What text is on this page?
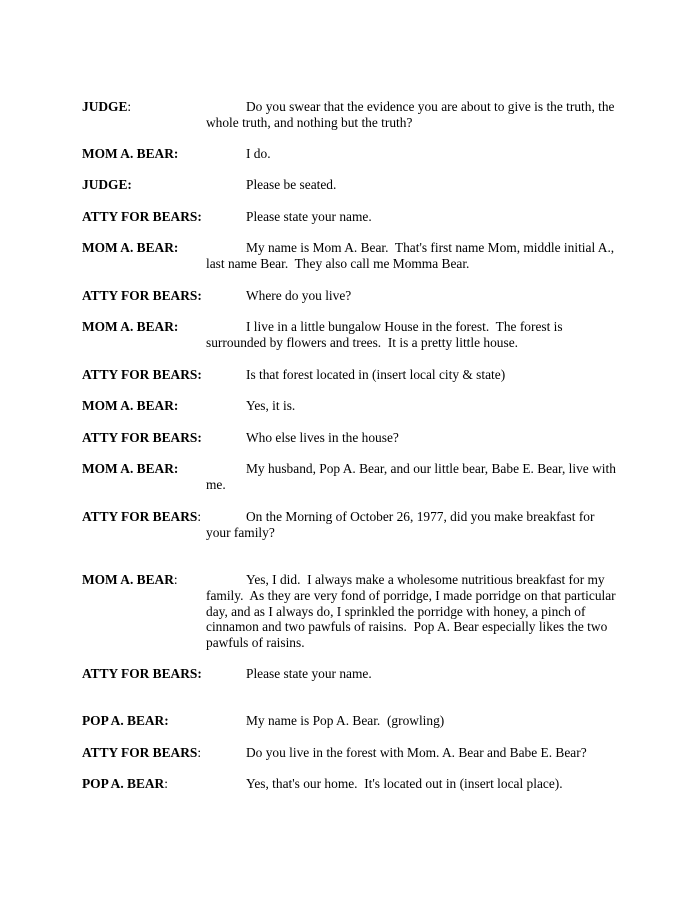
JUDGE:	Do you swear that the evidence you are about to give is the truth, the whole truth, and nothing but the truth?
MOM A. BEAR:	I do.
JUDGE:	Please be seated.
ATTY FOR BEARS:	Please state your name.
MOM A. BEAR:	My name is Mom A. Bear.  That's first name Mom, middle initial A., last name Bear.  They also call me Momma Bear.
ATTY FOR BEARS:	Where do you live?
MOM A. BEAR:	I live in a little bungalow House in the forest.  The forest is surrounded by flowers and trees.  It is a pretty little house.
ATTY FOR BEARS:	Is that forest located in (insert local city & state)
MOM A. BEAR:	Yes, it is.
ATTY FOR BEARS:	Who else lives in the house?
MOM A. BEAR:	My husband, Pop A. Bear, and our little bear, Babe E. Bear, live with me.
ATTY FOR BEARS:	On the Morning of October 26, 1977, did you make breakfast for your family?
MOM A. BEAR:	Yes, I did.  I always make a wholesome nutritious breakfast for my family.  As they are very fond of porridge, I made porridge on that particular day, and as I always do, I sprinkled the porridge with honey, a pinch of cinnamon and two pawfuls of raisins.  Pop A. Bear especially likes the two pawfuls of raisins.
ATTY FOR BEARS:	Please state your name.
POP A. BEAR:	My name is Pop A. Bear.  (growling)
ATTY FOR BEARS:	Do you live in the forest with Mom. A. Bear and Babe E. Bear?
POP A. BEAR:	Yes, that's our home.  It's located out in (insert local place).
